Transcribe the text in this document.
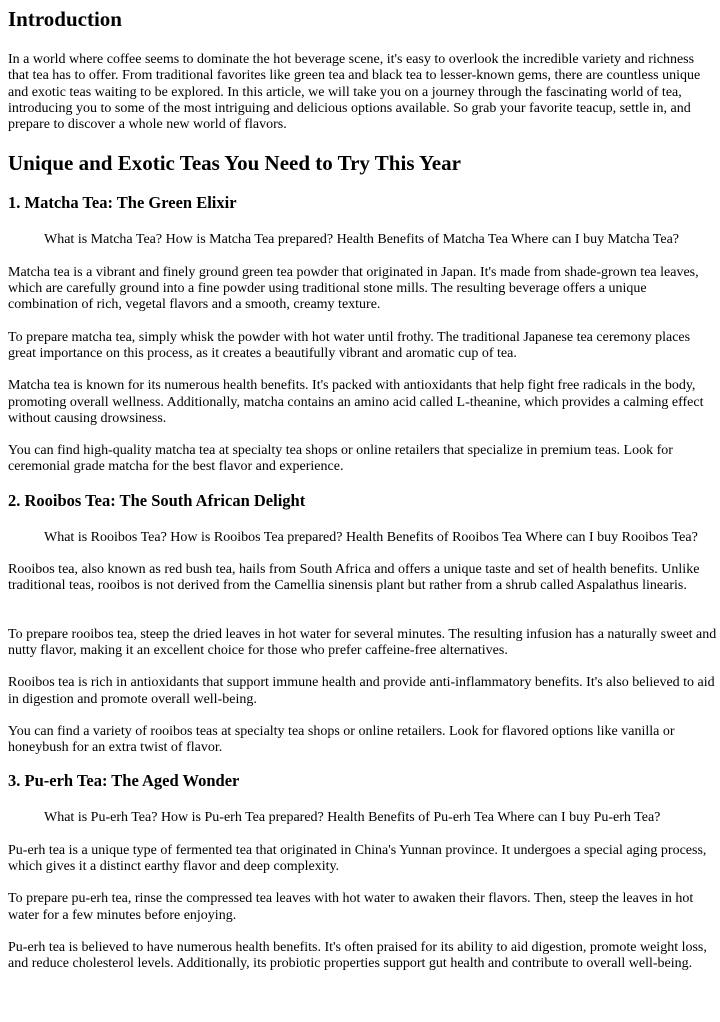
Introduction

In a world where coffee seems to dominate the hot beverage scene, it's easy to overlook the incredible variety and richness that tea has to offer. From traditional favorites like green tea and black tea to lesser-known gems, there are countless unique and exotic teas waiting to be explored. In this article, we will take you on a journey through the fascinating world of tea, introducing you to some of the most intriguing and delicious options available. So grab your favorite teacup, settle in, and prepare to discover a whole new world of flavors.

Unique and Exotic Teas You Need to Try This Year
1. Matcha Tea: The Green Elixir
What is Matcha Tea? How is Matcha Tea prepared? Health Benefits of Matcha Tea Where can I buy Matcha Tea?

Matcha tea is a vibrant and finely ground green tea powder that originated in Japan. It's made from shade-grown tea leaves, which are carefully ground into a fine powder using traditional stone mills. The resulting beverage offers a unique combination of rich, vegetal flavors and a smooth, creamy texture.

To prepare matcha tea, simply whisk the powder with hot water until frothy. The traditional Japanese tea ceremony places great importance on this process, as it creates a beautifully vibrant and aromatic cup of tea.

Matcha tea is known for its numerous health benefits. It's packed with antioxidants that help fight free radicals in the body, promoting overall wellness. Additionally, matcha contains an amino acid called L-theanine, which provides a calming effect without causing drowsiness.

You can find high-quality matcha tea at specialty tea shops or online retailers that specialize in premium teas. Look for ceremonial grade matcha for the best flavor and experience.

2. Rooibos Tea: The South African Delight
What is Rooibos Tea? How is Rooibos Tea prepared? Health Benefits of Rooibos Tea Where can I buy Rooibos Tea?

Rooibos tea, also known as red bush tea, hails from South Africa and offers a unique taste and set of health benefits. Unlike traditional teas, rooibos is not derived from the Camellia sinensis plant but rather from a shrub called Aspalathus linearis.

To prepare rooibos tea, steep the dried leaves in hot water for several minutes. The resulting infusion has a naturally sweet and nutty flavor, making it an excellent choice for those who prefer caffeine-free alternatives.

Rooibos tea is rich in antioxidants that support immune health and provide anti-inflammatory benefits. It's also believed to aid in digestion and promote overall well-being.

You can find a variety of rooibos teas at specialty tea shops or online retailers. Look for flavored options like vanilla or honeybush for an extra twist of flavor.

3. Pu-erh Tea: The Aged Wonder
What is Pu-erh Tea? How is Pu-erh Tea prepared? Health Benefits of Pu-erh Tea Where can I buy Pu-erh Tea?

Pu-erh tea is a unique type of fermented tea that originated in China's Yunnan province. It undergoes a special aging process, which gives it a distinct earthy flavor and deep complexity.

To prepare pu-erh tea, rinse the compressed tea leaves with hot water to awaken their flavors. Then, steep the leaves in hot water for a few minutes before enjoying.

Pu-erh tea is believed to have numerous health benefits. It's often praised for its ability to aid digestion, promote weight loss, and reduce cholesterol levels. Additionally, its probiotic properties support gut health and contribute to overall well-being.
